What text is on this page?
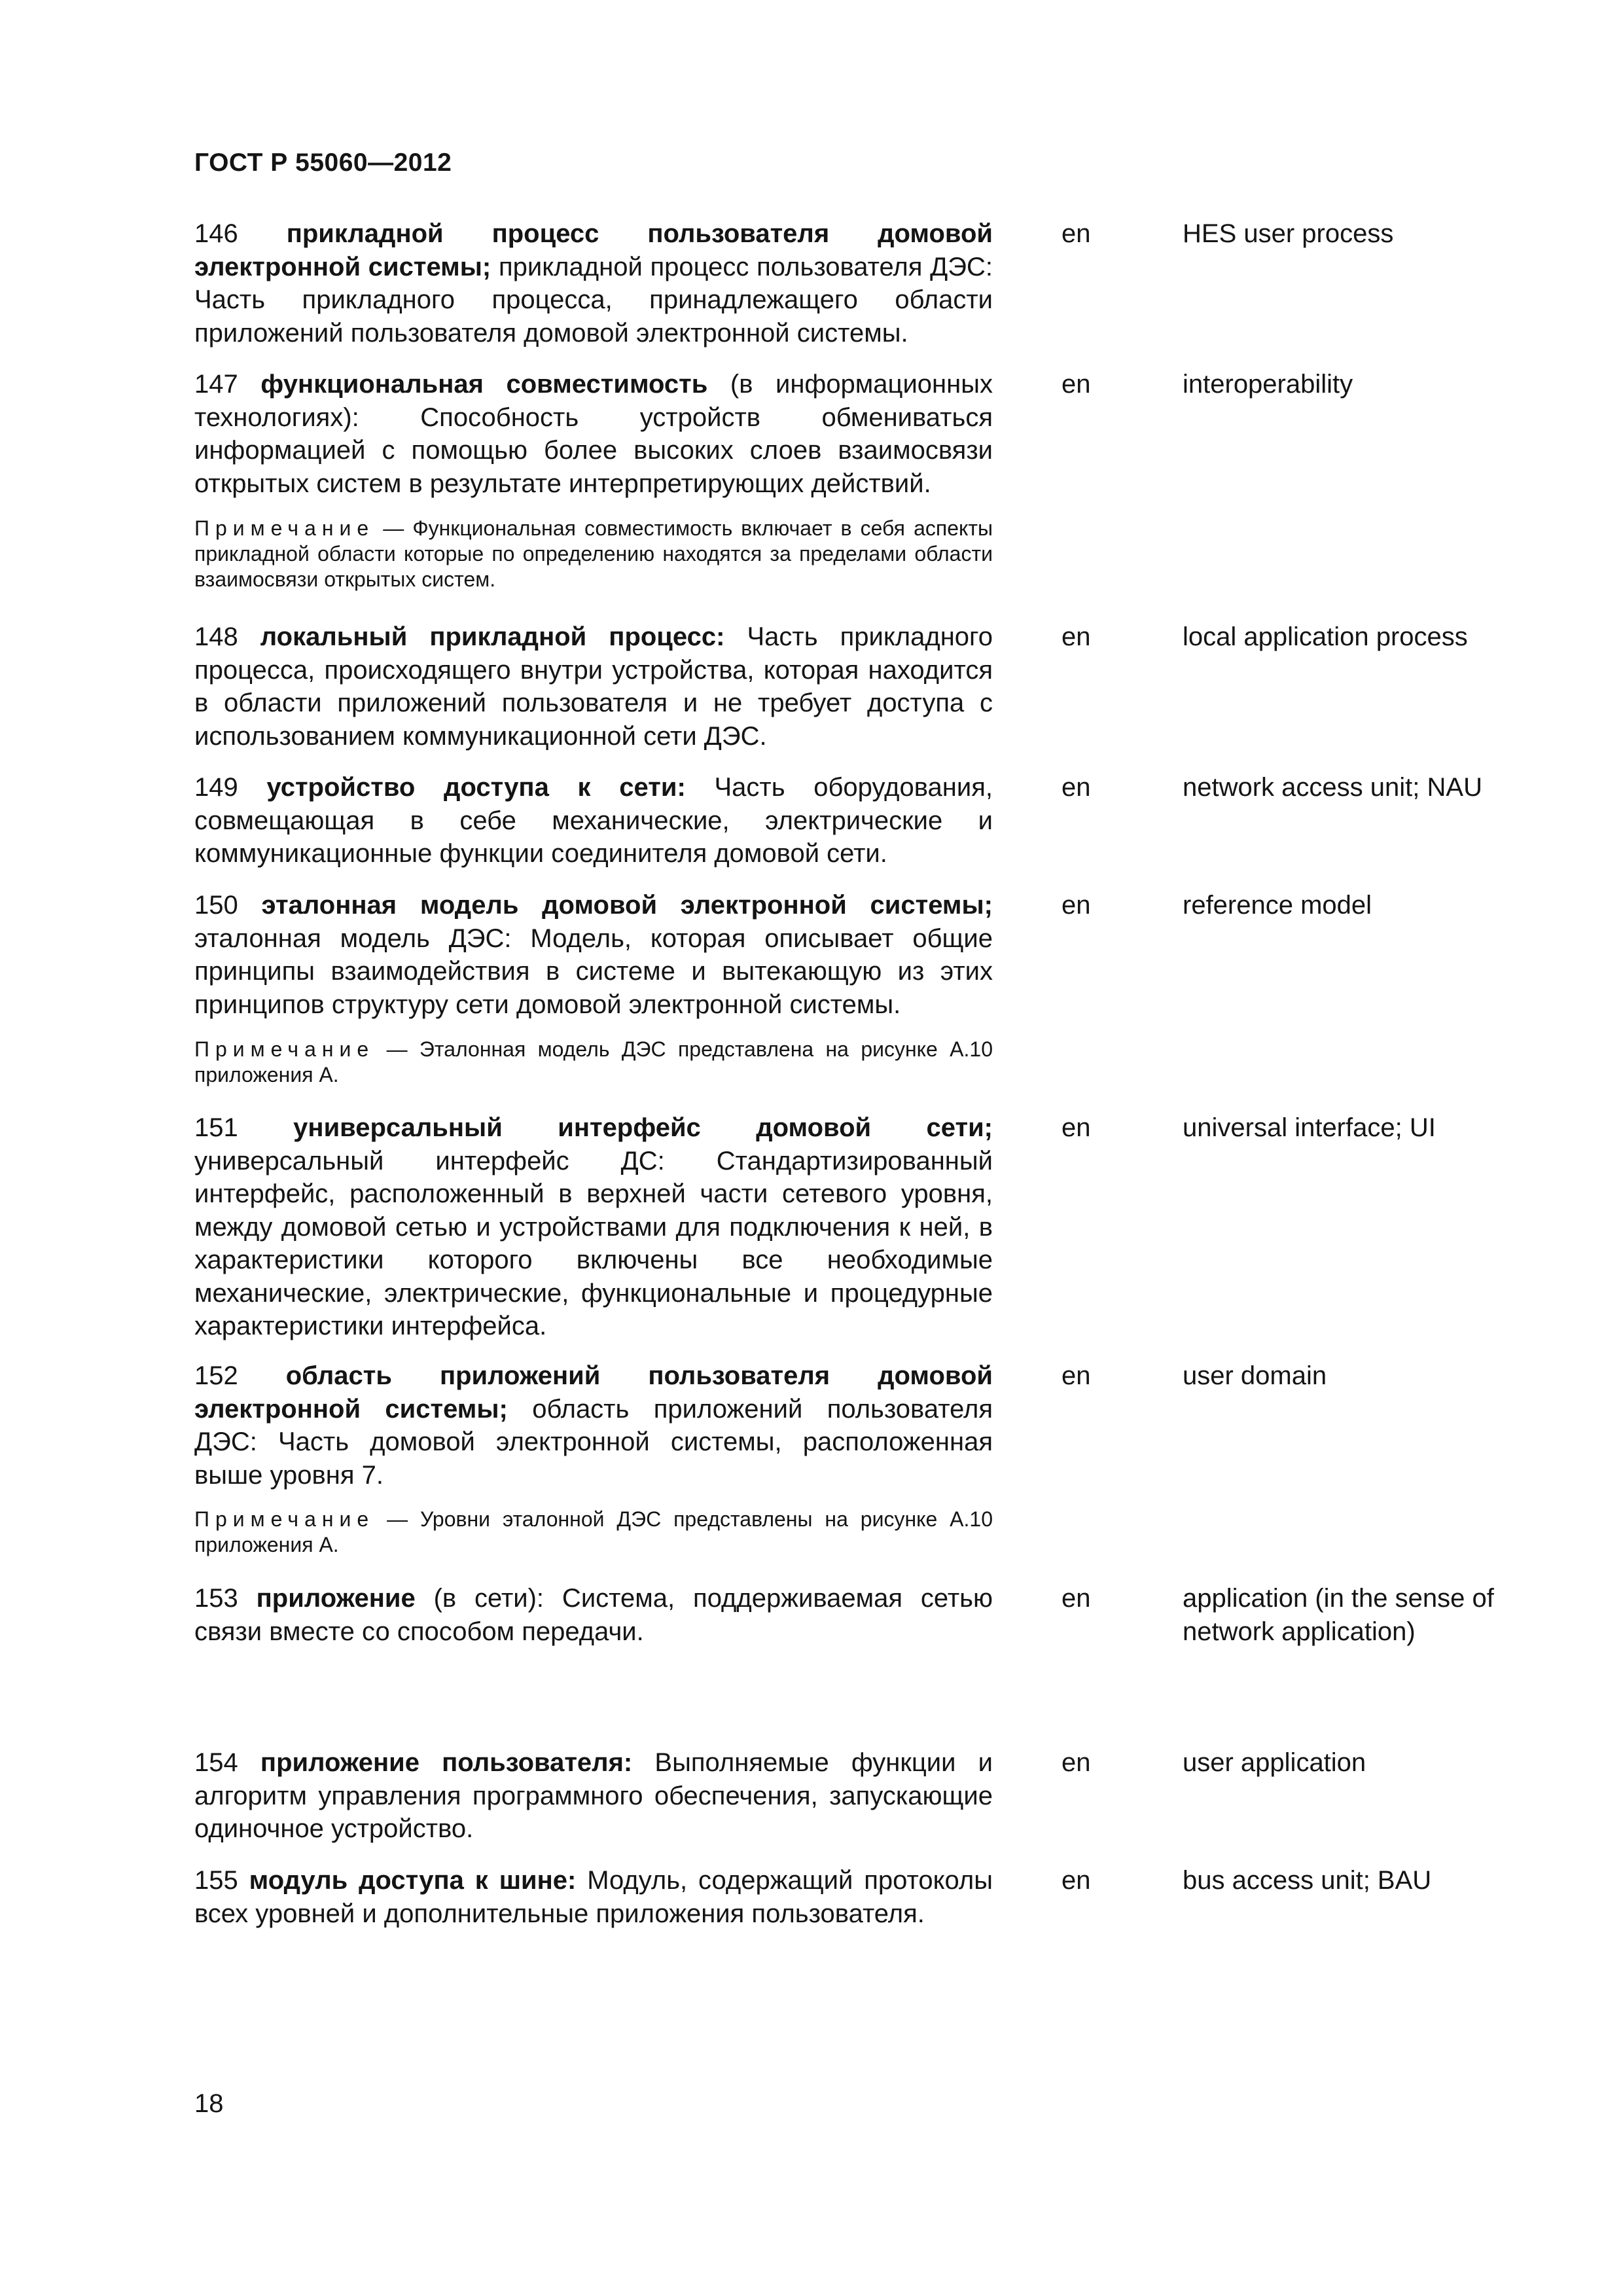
ГОСТ Р 55060—2012
146 прикладной процесс пользователя домовой электронной системы; прикладной процесс пользователя ДЭС: Часть прикладного процесса, принадлежащего области приложений пользователя домовой электронной системы.
en	HES user process
147 функциональная совместимость (в информационных технологиях): Способность устройств обмениваться информацией с помощью более высоких слоев взаимосвязи открытых систем в результате интерпретирующих действий.
Примечание — Функциональная совместимость включает в себя аспекты прикладной области которые по определению находятся за пределами области взаимосвязи открытых систем.
en	interoperability
148 локальный прикладной процесс: Часть прикладного процесса, происходящего внутри устройства, которая находится в области приложений пользователя и не требует доступа с использованием коммуникационной сети ДЭС.
en	local application process
149 устройство доступа к сети: Часть оборудования, совмещающая в себе механические, электрические и коммуникационные функции соединителя домовой сети.
en	network access unit; NAU
150 эталонная модель домовой электронной системы; эталонная модель ДЭС: Модель, которая описывает общие принципы взаимодействия в системе и вытекающую из этих принципов структуру сети домовой электронной системы.
Примечание — Эталонная модель ДЭС представлена на рисунке А.10 приложения А.
en	reference model
151 универсальный интерфейс домовой сети; универсальный интерфейс ДС: Стандартизированный интерфейс, расположенный в верхней части сетевого уровня, между домовой сетью и устройствами для подключения к ней, в характеристики которого включены все необходимые механические, электрические, функциональные и процедурные характеристики интерфейса.
en	universal interface; UI
152 область приложений пользователя домовой электронной системы; область приложений пользователя ДЭС: Часть домовой электронной системы, расположенная выше уровня 7.
Примечание — Уровни эталонной ДЭС представлены на рисунке А.10 приложения А.
en	user domain
153 приложение (в сети): Система, поддерживаемая сетью связи вместе со способом передачи.
en	application (in the sense of network application)
154 приложение пользователя: Выполняемые функции и алгоритм управления программного обеспечения, запускающие одиночное устройство.
en	user application
155 модуль доступа к шине: Модуль, содержащий протоколы всех уровней и дополнительные приложения пользователя.
en	bus access unit; BAU
18
